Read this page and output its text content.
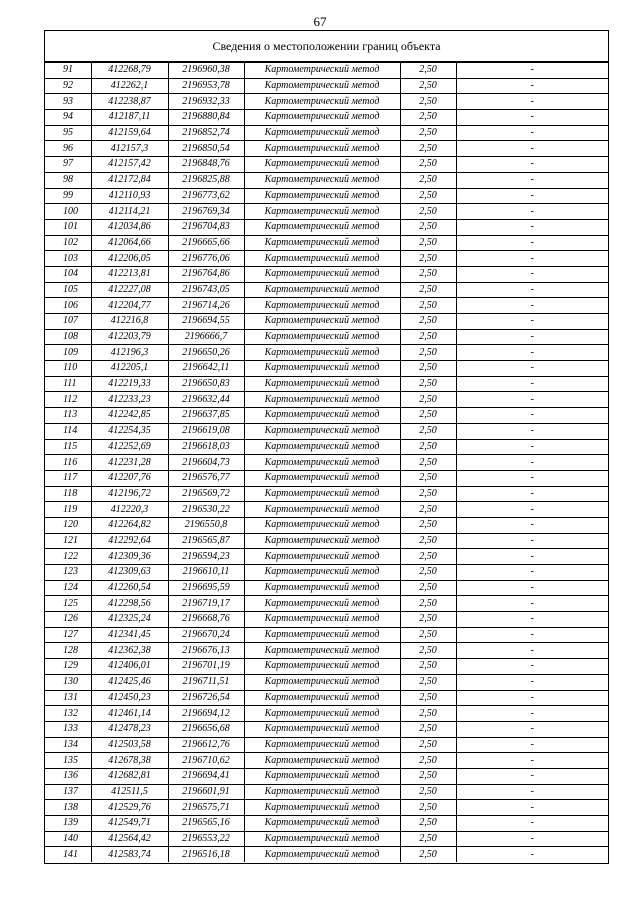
67
Сведения о местоположении границ объекта
91	412268,79	2196960,38	Картометрический метод	2,50	-
92	412262,1	2196953,78	Картометрический метод	2,50	-
93	412238,87	2196932,33	Картометрический метод	2,50	-
94	412187,11	2196880,84	Картометрический метод	2,50	-
95	412159,64	2196852,74	Картометрический метод	2,50	-
96	412157,3	2196850,54	Картометрический метод	2,50	-
97	412157,42	2196848,76	Картометрический метод	2,50	-
98	412172,84	2196825,88	Картометрический метод	2,50	-
99	412110,93	2196773,62	Картометрический метод	2,50	-
100	412114,21	2196769,34	Картометрический метод	2,50	-
101	412034,86	2196704,83	Картометрический метод	2,50	-
102	412064,66	2196665,66	Картометрический метод	2,50	-
103	412206,05	2196776,06	Картометрический метод	2,50	-
104	412213,81	2196764,86	Картометрический метод	2,50	-
105	412227,08	2196743,05	Картометрический метод	2,50	-
106	412204,77	2196714,26	Картометрический метод	2,50	-
107	412216,8	2196694,55	Картометрический метод	2,50	-
108	412203,79	2196666,7	Картометрический метод	2,50	-
109	412196,3	2196650,26	Картометрический метод	2,50	-
110	412205,1	2196642,11	Картометрический метод	2,50	-
111	412219,33	2196650,83	Картометрический метод	2,50	-
112	412233,23	2196632,44	Картометрический метод	2,50	-
113	412242,85	2196637,85	Картометрический метод	2,50	-
114	412254,35	2196619,08	Картометрический метод	2,50	-
115	412252,69	2196618,03	Картометрический метод	2,50	-
116	412231,28	2196604,73	Картометрический метод	2,50	-
117	412207,76	2196576,77	Картометрический метод	2,50	-
118	412196,72	2196569,72	Картометрический метод	2,50	-
119	412220,3	2196530,22	Картометрический метод	2,50	-
120	412264,82	2196550,8	Картометрический метод	2,50	-
121	412292,64	2196565,87	Картометрический метод	2,50	-
122	412309,36	2196594,23	Картометрический метод	2,50	-
123	412309,63	2196610,11	Картометрический метод	2,50	-
124	412260,54	2196695,59	Картометрический метод	2,50	-
125	412298,56	2196719,17	Картометрический метод	2,50	-
126	412325,24	2196668,76	Картометрический метод	2,50	-
127	412341,45	2196670,24	Картометрический метод	2,50	-
128	412362,38	2196676,13	Картометрический метод	2,50	-
129	412406,01	2196701,19	Картометрический метод	2,50	-
130	412425,46	2196711,51	Картометрический метод	2,50	-
131	412450,23	2196726,54	Картометрический метод	2,50	-
132	412461,14	2196694,12	Картометрический метод	2,50	-
133	412478,23	2196656,68	Картометрический метод	2,50	-
134	412503,58	2196612,76	Картометрический метод	2,50	-
135	412678,38	2196710,62	Картометрический метод	2,50	-
136	412682,81	2196694,41	Картометрический метод	2,50	-
137	412511,5	2196601,91	Картометрический метод	2,50	-
138	412529,76	2196575,71	Картометрический метод	2,50	-
139	412549,71	2196565,16	Картометрический метод	2,50	-
140	412564,42	2196553,22	Картометрический метод	2,50	-
141	412583,74	2196516,18	Картометрический метод	2,50	-
